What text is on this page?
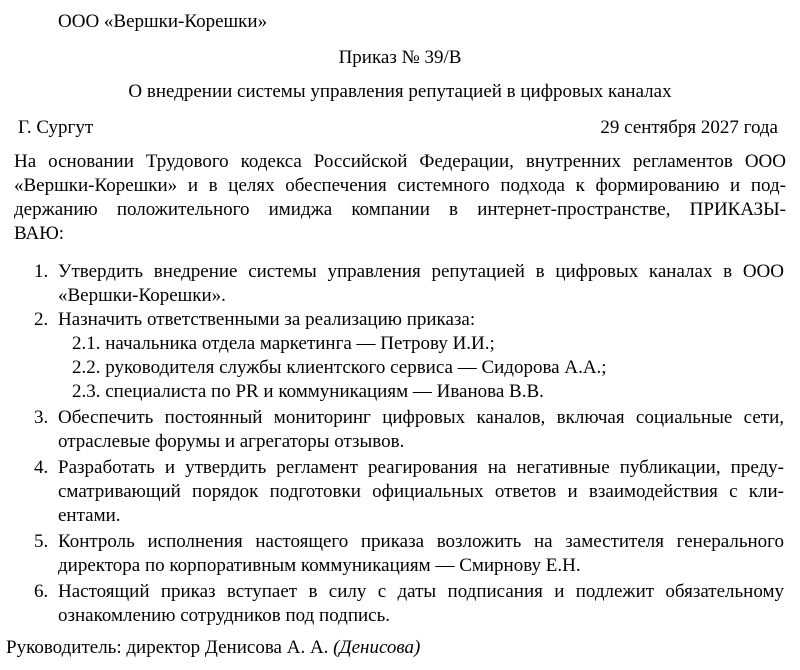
ООО «Вершки-Корешки»
Приказ № 39/В
О внедрении системы управления репутацией в цифровых каналах
Г. Сургут	29 сентября 2027 года
На основании Трудового кодекса Российской Федерации, внутренних регламентов ООО
«Вершки-Корешки» и в целях обеспечения системного подхода к формированию и под-
держанию положительного имиджа компании в интернет-пространстве, ПРИКАЗЫ-
ВАЮ:
1. Утвердить внедрение системы управления репутацией в цифровых каналах в ООО
«Вершки-Корешки».
2. Назначить ответственными за реализацию приказа:
2.1. начальника отдела маркетинга — Петрову И.И.;
2.2. руководителя службы клиентского сервиса — Сидорова А.А.;
2.3. специалиста по PR и коммуникациям — Иванова В.В.
3. Обеспечить постоянный мониторинг цифровых каналов, включая социальные сети,
отраслевые форумы и агрегаторы отзывов.
4. Разработать и утвердить регламент реагирования на негативные публикации, преду-
сматривающий порядок подготовки официальных ответов и взаимодействия с кли-
ентами.
5. Контроль исполнения настоящего приказа возложить на заместителя генерального
директора по корпоративным коммуникациям — Смирнову Е.Н.
6. Настоящий приказ вступает в силу с даты подписания и подлежит обязательному
ознакомлению сотрудников под подпись.
Руководитель: директор Денисова А. А. (Денисова)
